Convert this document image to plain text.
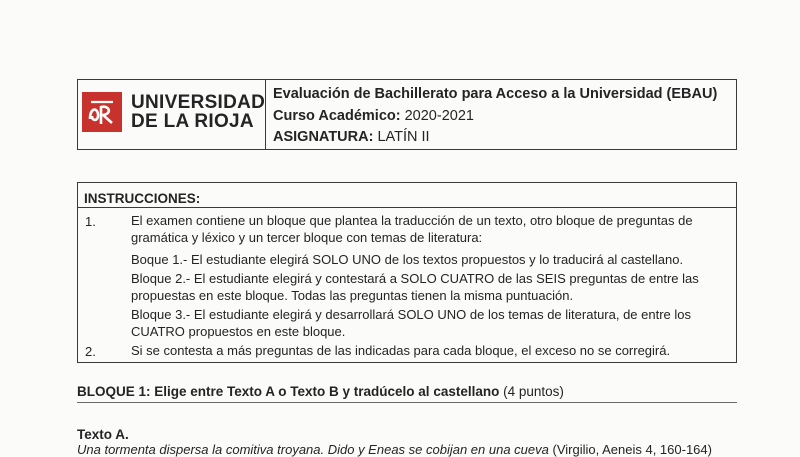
UNIVERSIDAD
DE LA RIOJA
Evaluación de Bachillerato para Acceso a la Universidad (EBAU)
Curso Académico: 2020-2021
ASIGNATURA: LATÍN II
INSTRUCCIONES:
1.	El examen contiene un bloque que plantea la traducción de un texto, otro bloque de preguntas de gramática y léxico y un tercer bloque con temas de literatura:
Boque 1.- El estudiante elegirá SOLO UNO de los textos propuestos y lo traducirá al castellano.
Bloque 2.- El estudiante elegirá y contestará a SOLO CUATRO de las SEIS preguntas de entre las propuestas en este bloque. Todas las preguntas tienen la misma puntuación.
Bloque 3.- El estudiante elegirá y desarrollará SOLO UNO de los temas de literatura, de entre los CUATRO propuestos en este bloque.
2.	Si se contesta a más preguntas de las indicadas para cada bloque, el exceso no se corregirá.
BLOQUE 1: Elige entre Texto A o Texto B y tradúcelo al castellano (4 puntos)
Texto A.
Una tormenta dispersa la comitiva troyana. Dido y Eneas se cobijan en una cueva (Virgilio, Aeneis 4, 160-164)
